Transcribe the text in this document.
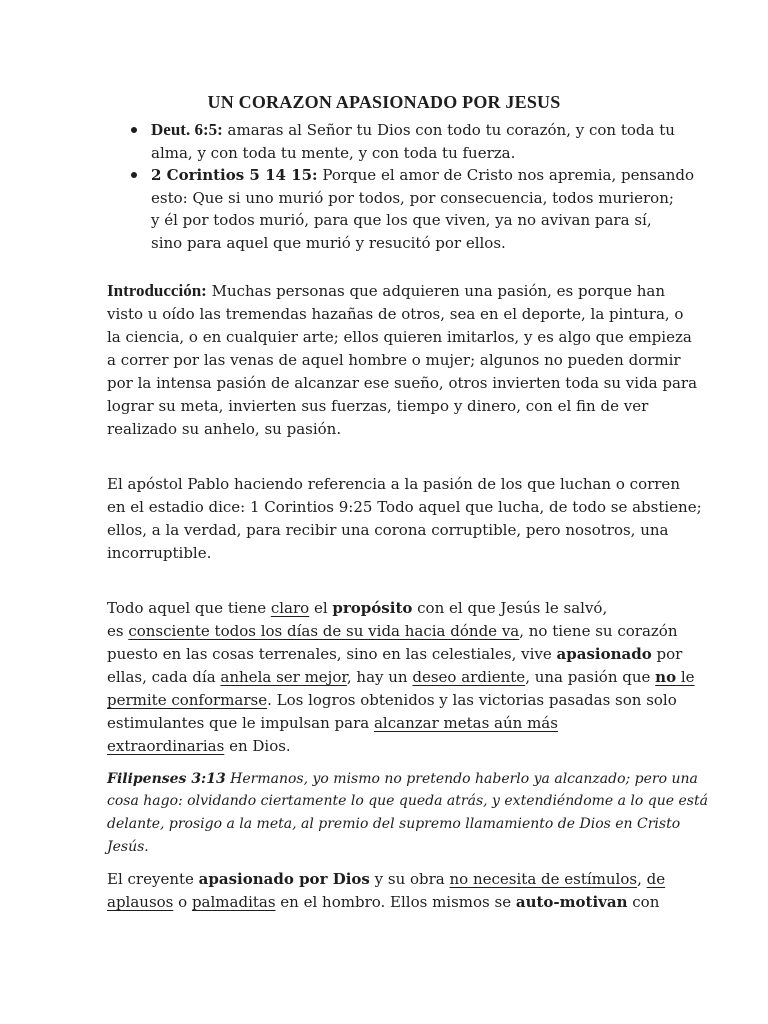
UN CORAZON APASIONADO POR JESUS
Deut. 6:5: amaras al Señor tu Dios con todo tu corazón, y con toda tu
alma, y con toda tu mente, y con toda tu fuerza.
2 Corintios 5 14 15: Porque el amor de Cristo nos apremia, pensando
esto: Que si uno murió por todos, por consecuencia, todos murieron;
y él por todos murió, para que los que viven, ya no avivan para sí,
sino para aquel que murió y resucitó por ellos.
Introducción: Muchas personas que adquieren una pasión, es porque han
visto u oído las tremendas hazañas de otros, sea en el deporte, la pintura, o
la ciencia, o en cualquier arte; ellos quieren imitarlos, y es algo que empieza
a correr por las venas de aquel hombre o mujer; algunos no pueden dormir
por la intensa pasión de alcanzar ese sueño, otros invierten toda su vida para
lograr su meta, invierten sus fuerzas, tiempo y dinero, con el fin de ver
realizado su anhelo, su pasión.
El apóstol Pablo haciendo referencia a la pasión de los que luchan o corren
en el estadio dice: 1 Corintios 9:25 Todo aquel que lucha, de todo se abstiene;
ellos, a la verdad, para recibir una corona corruptible, pero nosotros, una
incorruptible.
Todo aquel que tiene claro el propósito con el que Jesús le salvó,
es consciente todos los días de su vida hacia dónde va, no tiene su corazón
puesto en las cosas terrenales, sino en las celestiales, vive apasionado por
ellas, cada día anhela ser mejor, hay un deseo ardiente, una pasión que no le
permite conformarse. Los logros obtenidos y las victorias pasadas son solo
estimulantes que le impulsan para alcanzar metas aún más
extraordinarias en Dios.
Filipenses 3:13 Hermanos, yo mismo no pretendo haberlo ya alcanzado; pero una
cosa hago: olvidando ciertamente lo que queda atrás, y extendiéndome a lo que está
delante, prosigo a la meta, al premio del supremo llamamiento de Dios en Cristo
Jesús.
El creyente apasionado por Dios y su obra no necesita de estímulos, de
aplausos o palmaditas en el hombro. Ellos mismos se auto-motivan con
